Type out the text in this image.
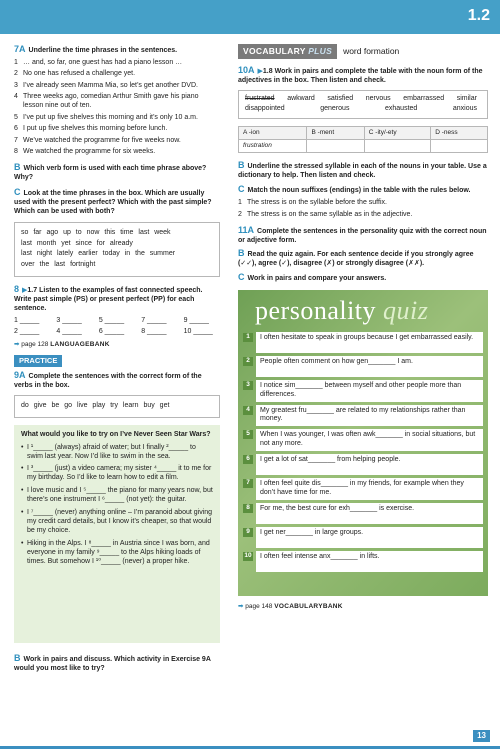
1.2
7A Underline the time phrases in the sentences.
1 … and, so far, one guest has had a piano lesson …
2 No one has refused a challenge yet.
3 I’ve already seen Mamma Mia, so let’s get another DVD.
4 Three weeks ago, comedian Arthur Smith gave his piano lesson nine out of ten.
5 I’ve put up five shelves this morning and it’s only 10 a.m.
6 I put up five shelves this morning before lunch.
7 We’ve watched the programme for five weeks now.
8 We watched the programme for six weeks.
B Which verb form is used with each time phrase above? Why?
C Look at the time phrases in the box. Which are usually used with the present perfect? Which with the past simple? Which can be used with both?
so far ago up to now this time last week
last month yet since for already
last night lately earlier today in the summer
over the last fortnight
8 ▶1.7 Listen to the examples of fast connected speech. Write past simple (PS) or present perfect (PP) for each sentence.
1 _____	3 _____	5 _____	7 _____	9 _____
2 _____	4 _____	6 _____	8 _____	10 _____
➡ page 128 LANGUAGEBANK
PRACTICE
9A Complete the sentences with the correct form of the verbs in the box.
do give be go live play try learn buy get
What would you like to try on I’ve Never Seen Star Wars?
• I ¹_____ (always) afraid of water; but I finally ²_____ to swim last year. Now I’d like to swim in the sea.
• I ³_____ (just) a video camera; my sister ⁴_____ it to me for my birthday. So I’d like to learn how to edit a film.
• I love music and I ⁵_____ the piano for many years now, but there’s one instrument I ⁶_____ (not yet): the guitar.
• I ⁷_____ (never) anything online – I’m paranoid about giving my credit card details, but I know it’s cheaper, so that would be my choice.
• Hiking in the Alps. I ⁸_____ in Austria since I was born, and everyone in my family ⁹_____ to the Alps hiking loads of times. But somehow I ¹⁰_____ (never) a proper hike.
B Work in pairs and discuss. Which activity in Exercise 9A would you most like to try?
VOCABULARY PLUS	word formation
10A ▶1.8 Work in pairs and complete the table with the noun form of the adjectives in the box. Then listen and check.
frustrated awkward satisfied nervous embarrassed similar
disappointed	generous	exhausted	anxious
A -ion	B -ment	C -ity/-ety	D -ness
frustration			
B Underline the stressed syllable in each of the nouns in your table. Use a dictionary to help. Then listen and check.
C Match the noun suffixes (endings) in the table with the rules below.
1 The stress is on the syllable before the suffix.
2 The stress is on the same syllable as in the adjective.
11A Complete the sentences in the personality quiz with the correct noun or adjective form.
B Read the quiz again. For each sentence decide if you strongly agree (✓✓), agree (✓), disagree (✗) or strongly disagree (✗✗).
C Work in pairs and compare your answers.
personality quiz
1	I often hesitate to speak in groups because I get embarrassed easily.
2	People often comment on how gen_______ I am.
3	I notice sim_______ between myself and other people more than differences.
4	My greatest fru_______ are related to my relationships rather than money.
5	When I was younger, I was often awk_______ in social situations, but not any more.
6	I get a lot of sat_______ from helping people.
7	I often feel quite dis_______ in my friends, for example when they don’t have time for me.
8	For me, the best cure for exh_______ is exercise.
9	I get ner_______ in large groups.
10	I often feel intense anx_______ in lifts.
➡ page 148 VOCABULARYBANK
13
